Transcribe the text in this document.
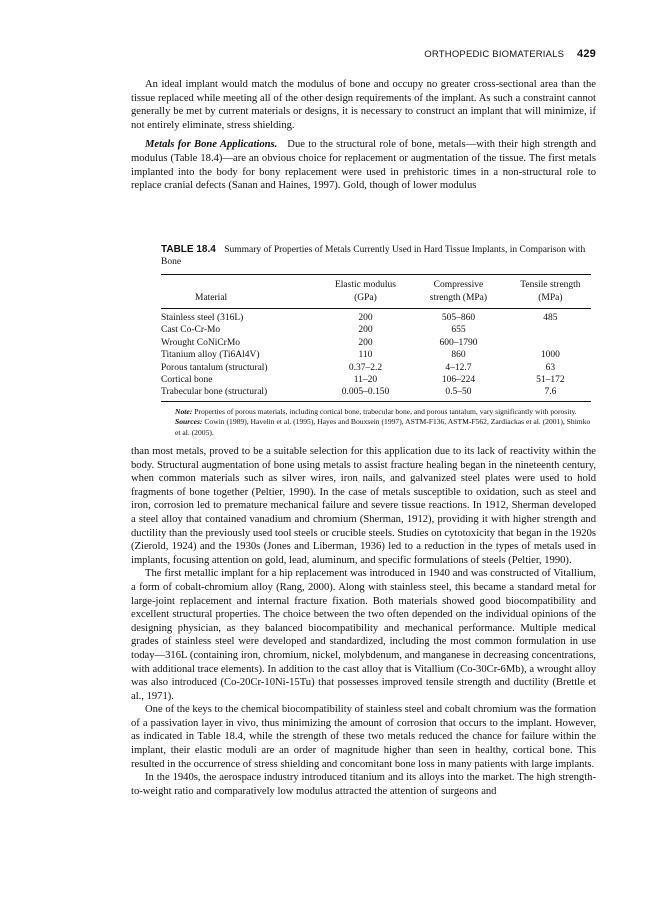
ORTHOPEDIC BIOMATERIALS 429

An ideal implant would match the modulus of bone and occupy no greater cross-sectional area than the tissue replaced while meeting all of the other design requirements of the implant. As such a constraint cannot generally be met by current materials or designs, it is necessary to construct an implant that will minimize, if not entirely eliminate, stress shielding.

Metals for Bone Applications. Due to the structural role of bone, metals—with their high strength and modulus (Table 18.4)—are an obvious choice for replacement or augmentation of the tissue. The first metals implanted into the body for bony replacement were used in prehistoric times in a non-structural role to replace cranial defects (Sanan and Haines, 1997). Gold, though of lower modulus

TABLE 18.4 Summary of Properties of Metals Currently Used in Hard Tissue Implants, in Comparison with Bone
	Elastic modulus	Compressive	Tensile strength
Material	(GPa)	strength (MPa)	(MPa)
Stainless steel (316L)	200	505–860	485
Cast Co-Cr-Mo	200	655	
Wrought CoNiCrMo	200	600–1790	
Titanium alloy (Ti6Al4V)	110	860	1000
Porous tantalum (structural)	0.37–2.2	4–12.7	63
Cortical bone	11–20	106–224	51–172
Trabecular bone (structural)	0.005–0.150	0.5–50	7.6

Note: Properties of porous materials, including cortical bone, trabecular bone, and porous tantalum, vary significantly with porosity.

Sources: Cowin (1989), Havelin et al. (1995), Hayes and Bouxsein (1997), ASTM-F136, ASTM-F562, Zardiackas et al. (2001), Shimko et al. (2005).

than most metals, proved to be a suitable selection for this application due to its lack of reactivity within the body. Structural augmentation of bone using metals to assist fracture healing began in the nineteenth century, when common materials such as silver wires, iron nails, and galvanized steel plates were used to hold fragments of bone together (Peltier, 1990). In the case of metals susceptible to oxidation, such as steel and iron, corrosion led to premature mechanical failure and severe tissue reactions. In 1912, Sherman developed a steel alloy that contained vanadium and chromium (Sherman, 1912), providing it with higher strength and ductility than the previously used tool steels or crucible steels. Studies on cytotoxicity that began in the 1920s (Zierold, 1924) and the 1930s (Jones and Liberman, 1936) led to a reduction in the types of metals used in implants, focusing attention on gold, lead, aluminum, and specific formulations of steels (Peltier, 1990).

The first metallic implant for a hip replacement was introduced in 1940 and was constructed of Vitallium, a form of cobalt-chromium alloy (Rang, 2000). Along with stainless steel, this became a standard metal for large-joint replacement and internal fracture fixation. Both materials showed good biocompatibility and excellent structural properties. The choice between the two often depended on the individual opinions of the designing physician, as they balanced biocompatibility and mechanical performance. Multiple medical grades of stainless steel were developed and standardized, including the most common formulation in use today—316L (containing iron, chromium, nickel, molybdenum, and manganese in decreasing concentrations, with additional trace elements). In addition to the cast alloy that is Vitallium (Co-30Cr-6Mb), a wrought alloy was also introduced (Co-20Cr-10Ni-15Tu) that possesses improved tensile strength and ductility (Brettle et al., 1971).

One of the keys to the chemical biocompatibility of stainless steel and cobalt chromium was the formation of a passivation layer in vivo, thus minimizing the amount of corrosion that occurs to the implant. However, as indicated in Table 18.4, while the strength of these two metals reduced the chance for failure within the implant, their elastic moduli are an order of magnitude higher than seen in healthy, cortical bone. This resulted in the occurrence of stress shielding and concomitant bone loss in many patients with large implants.

In the 1940s, the aerospace industry introduced titanium and its alloys into the market. The high strength-to-weight ratio and comparatively low modulus attracted the attention of surgeons and
